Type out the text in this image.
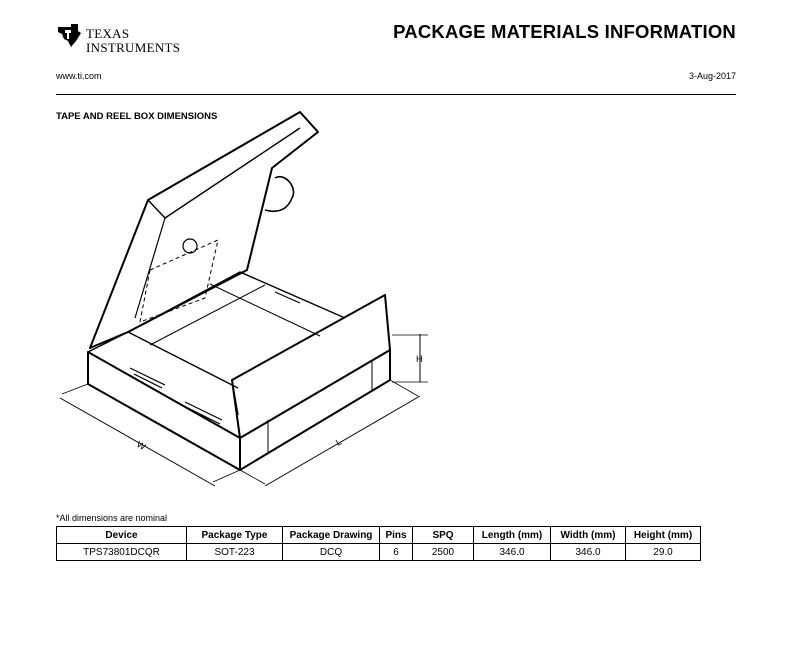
TEXAS
INSTRUMENTS
PACKAGE MATERIALS INFORMATION
www.ti.com	3-Aug-2017
TAPE AND REEL BOX DIMENSIONS
W	L
H
*All dimensions are nominal
Device	Package Type	Package Drawing	Pins	SPQ	Length (mm)	Width (mm)	Height (mm)
TPS73801DCQR	SOT-223	DCQ	6	2500	346.0	346.0	29.0
